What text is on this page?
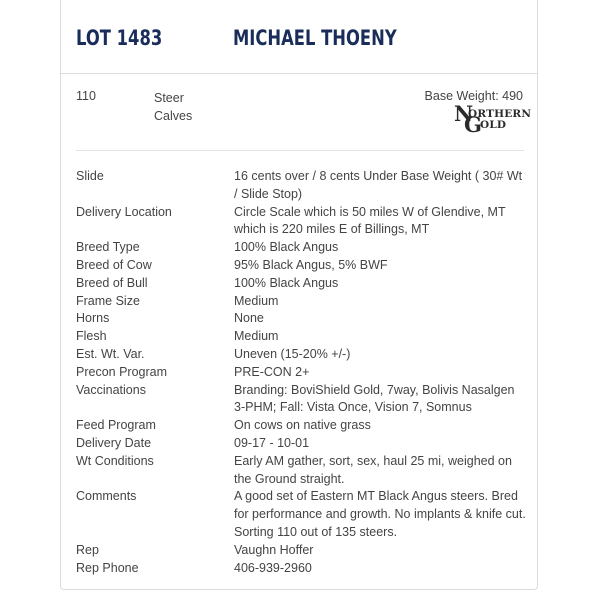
LOT 1483	MICHAEL THOENY
110	Steer Calves
Base Weight: 490
N
ORTHERN
G
OLD
Slide	16 cents over / 8 cents Under Base Weight ( 30# Wt / Slide Stop)
Delivery Location	Circle Scale which is 50 miles W of Glendive, MT which is 220 miles E of Billings, MT
Breed Type	100% Black Angus
Breed of Cow	95% Black Angus, 5% BWF
Breed of Bull	100% Black Angus
Frame Size	Medium
Horns	None
Flesh	Medium
Est. Wt. Var.	Uneven (15-20% +/-)
Precon Program	PRE-CON 2+
Vaccinations	Branding: BoviShield Gold, 7way, Bolivis Nasalgen 3-PHM; Fall: Vista Once, Vision 7, Somnus
Feed Program	On cows on native grass
Delivery Date	09-17 - 10-01
Wt Conditions	Early AM gather, sort, sex, haul 25 mi, weighed on the Ground straight.
Comments	A good set of Eastern MT Black Angus steers. Bred for performance and growth. No implants & knife cut. Sorting 110 out of 135 steers.
Rep	Vaughn Hoffer
Rep Phone	406-939-2960
